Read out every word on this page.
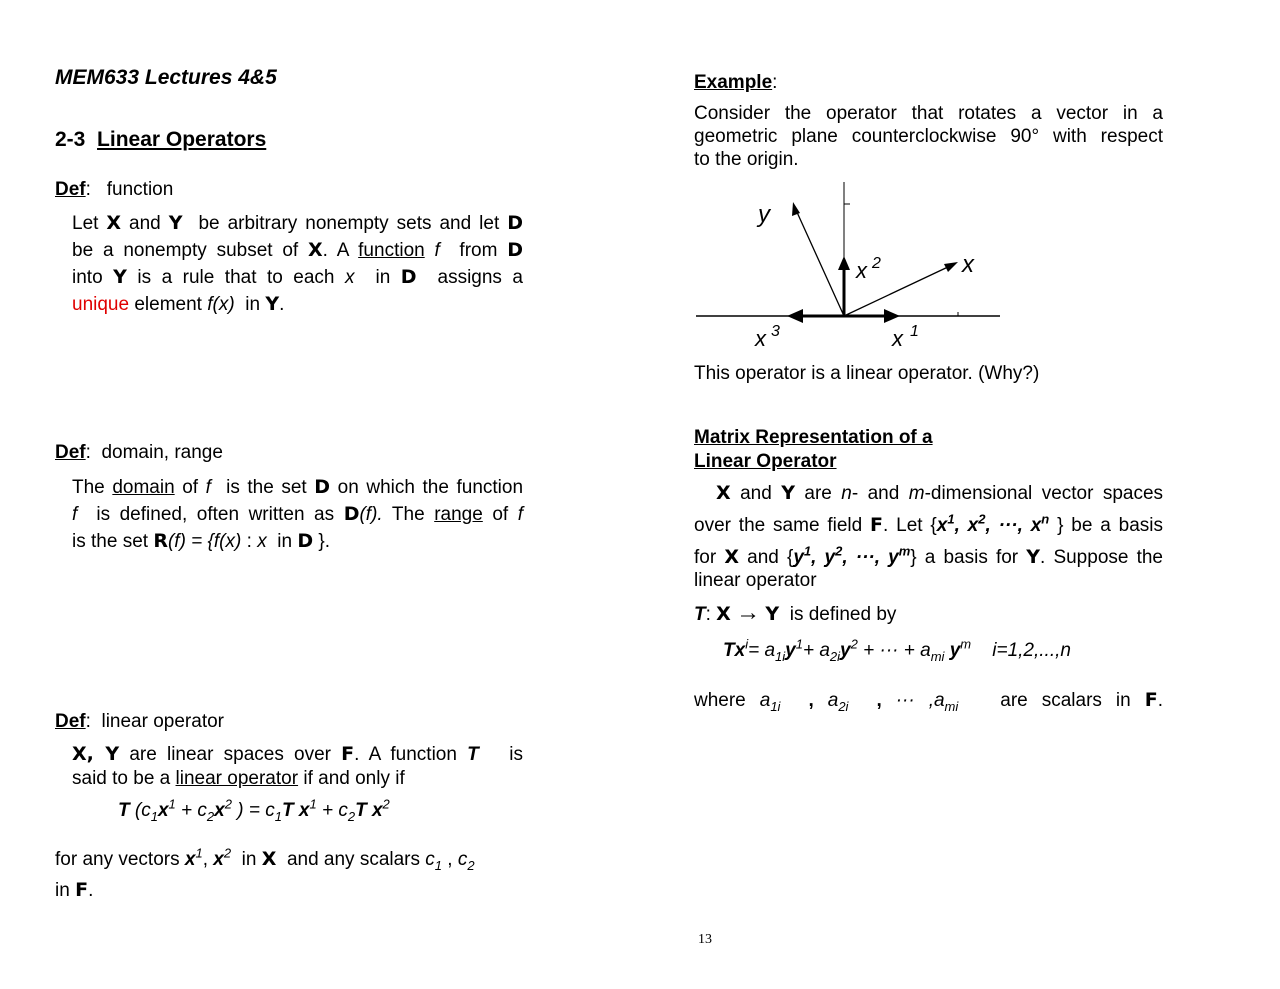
MEM633 Lectures 4&5
2-3 Linear Operators
Def:   function
Let X and Y be arbitrary nonempty sets and let D
be a nonempty subset of X. A function f from D
into Y is a rule that to each x in D assigns a
unique element f(x) in Y.
Def:  domain, range
The domain of f is the set D on which the function
f is defined, often written as D(f). The range of f
is the set R(f) = {f(x) : x in D }.
Def:  linear operator
X, Y are linear spaces over F. A function T is
said to be a linear operator if and only if
T ($c_1x^1 + c_2x^2$ ) = $c_1T$ $x^1 + c_2T$ $x^2$
for any vectors $x^1$, $x^2$ in X and any scalars $c_1$ , $c_2$
in F.
Example:
Consider the operator that rotates a vector in a
geometric plane counterclockwise 90° with respect
to the origin.
y
x
x 2
x 3	x 1
This operator is a linear operator. (Why?)
Matrix Representation of a
Linear Operator
X and Y are n- and m-dimensional vector spaces
over the same field F. Let {$x^1$, $x^2$, ···, $x^n$ } be a basis
for X and {$y^1$, $y^2$, ···, $y^m$} a basis for Y. Suppose the
linear operator
T: X → Y is defined by
$Tx^i= a_{1i}y^1+ a_{2i}y^2$ + ··· + $a_{mi}$ $y^m$ i=1,2,...,n
where $a_{1i}$ , $a_{2i}$ , ··· $,a_{mi}$ are scalars in F.
13
